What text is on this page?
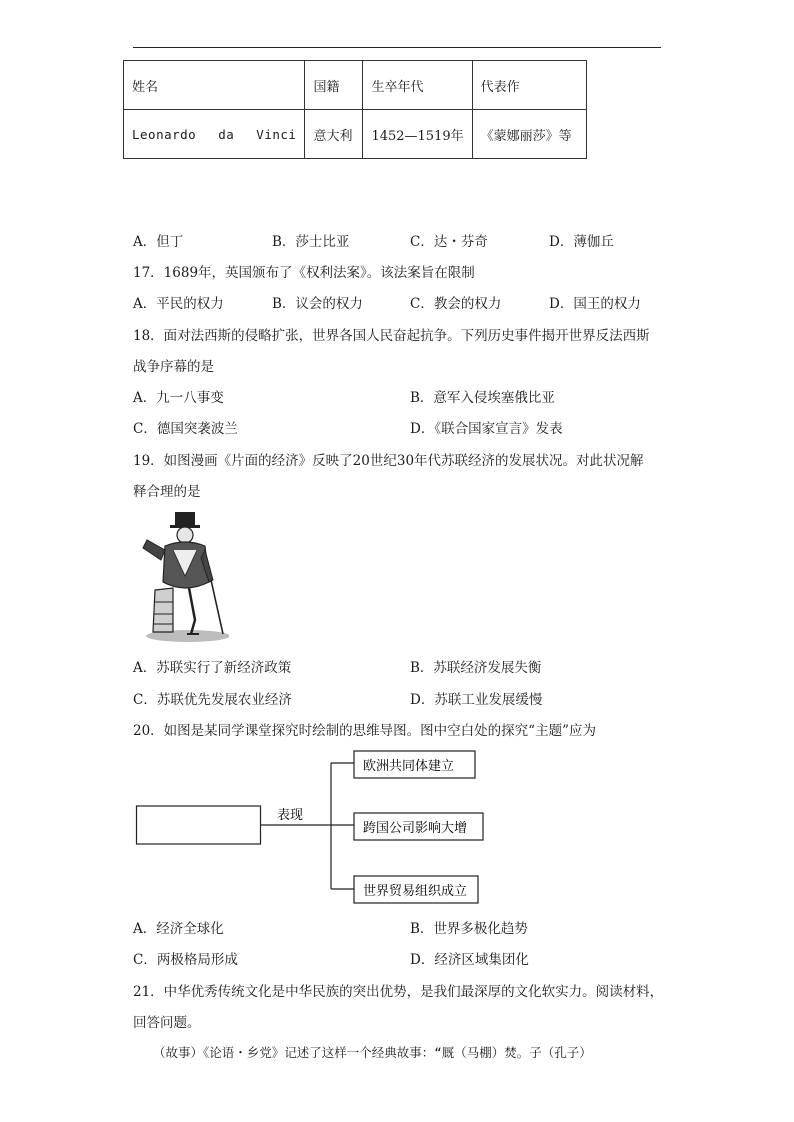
姓名	国籍	生卒年代	代表作
Leonardo da Vinci	意大利	1452—1519年	《蒙娜丽莎》等
A．但丁	B．莎士比亚	C．达・芬奇	D．薄伽丘
17．1689年，英国颁布了《权利法案》。该法案旨在限制
A．平民的权力	B．议会的权力	C．教会的权力	D．国王的权力
18．面对法西斯的侵略扩张，世界各国人民奋起抗争。下列历史事件揭开世界反法西斯
战争序幕的是
A．九一八事变	B．意军入侵埃塞俄比亚
C．德国突袭波兰	D．《联合国家宣言》发表
19．如图漫画《片面的经济》反映了20世纪30年代苏联经济的发展状况。对此状况解
释合理的是
A．苏联实行了新经济政策	B．苏联经济发展失衡
C．苏联优先发展农业经济	D．苏联工业发展缓慢
20．如图是某同学课堂探究时绘制的思维导图。图中空白处的探究“主题”应为
表现
欧洲共同体建立
跨国公司影响大增
世界贸易组织成立
A．经济全球化	B．世界多极化趋势
C．两极格局形成	D．经济区域集团化
21．中华优秀传统文化是中华民族的突出优势，是我们最深厚的文化软实力。阅读材料，
回答问题。
（故事）《论语・乡党》记述了这样一个经典故事：“厩（马棚）焚。子（孔子）
